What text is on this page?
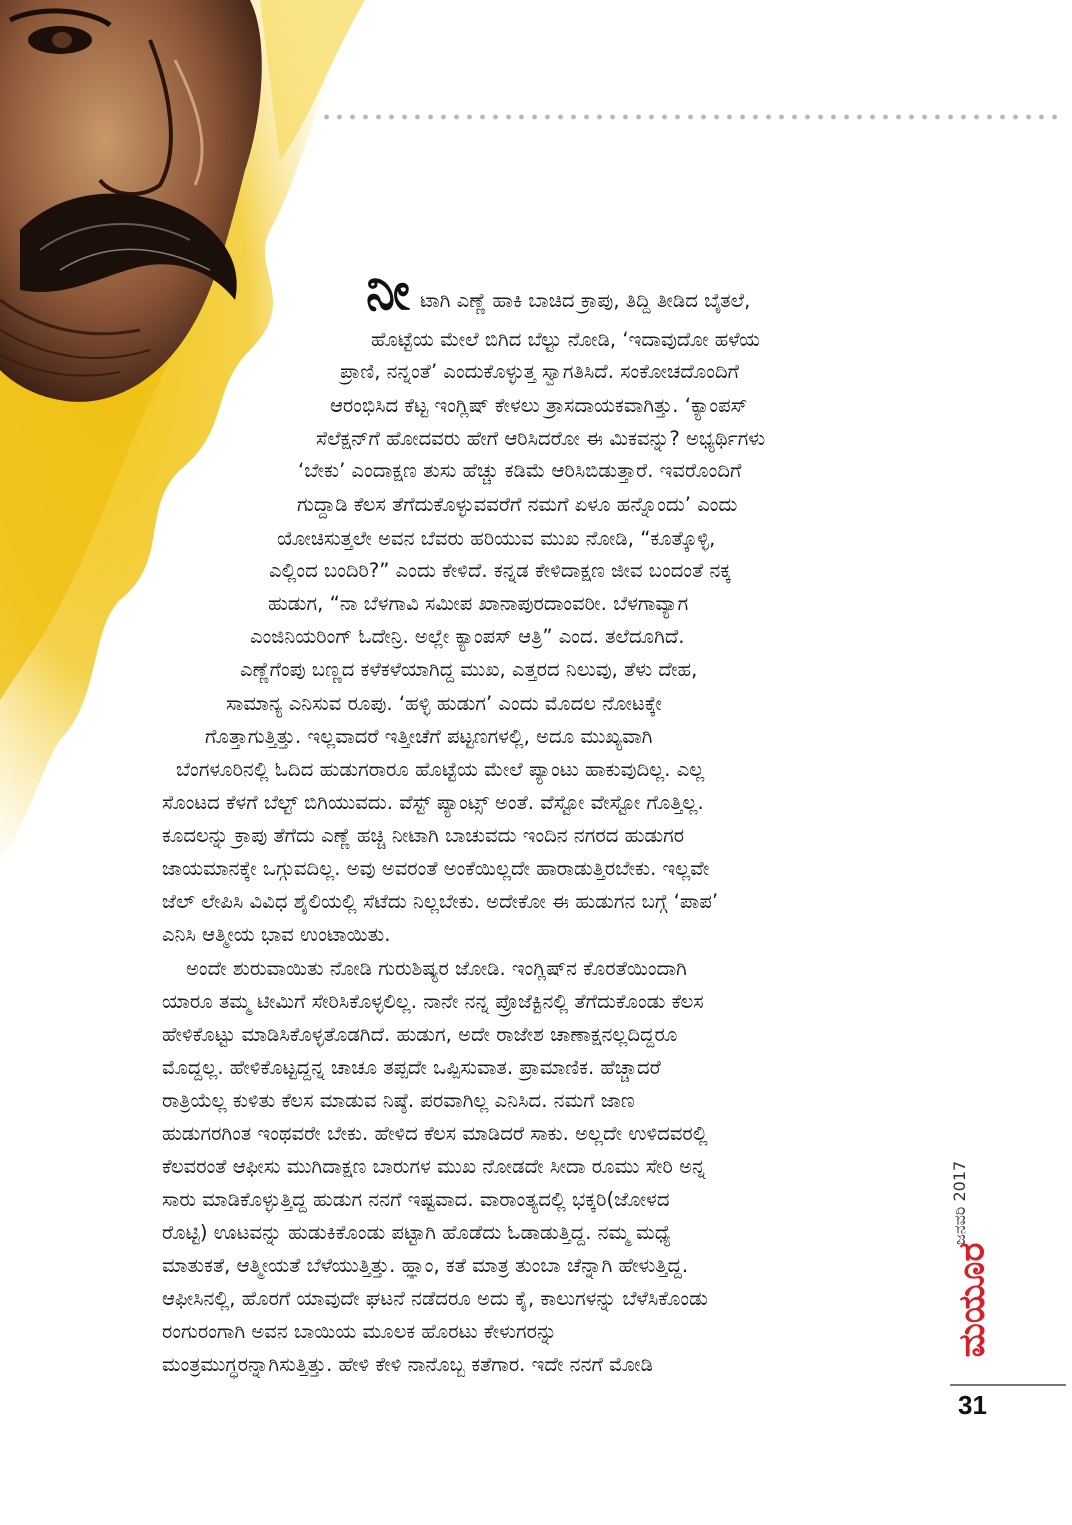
ನೀ ಟಾಗಿ ಎಣ್ಣೆ ಹಾಕಿ ಬಾಚಿದ ಕ್ರಾಪು, ತಿದ್ದಿ ತೀಡಿದ ಬೈತಲೆ,
ಹೊಟ್ಟೆಯ ಮೇಲೆ ಬಿಗಿದ ಬೆಲ್ಟು ನೋಡಿ, ‘ಇದಾವುದೋ ಹಳೆಯ
ಪ್ರಾಣಿ, ನನ್ನಂತೆ’ ಎಂದುಕೊಳ್ಳುತ್ತ ಸ್ವಾಗತಿಸಿದೆ. ಸಂಕೋಚದೊಂದಿಗೆ
ಆರಂಭಿಸಿದ ಕೆಟ್ಟ ಇಂಗ್ಲಿಷ್ ಕೇಳಲು ತ್ರಾಸದಾಯಕವಾಗಿತ್ತು. ‘ಕ್ಯಾಂಪಸ್
ಸೆಲೆಕ್ಷನ್‌ಗೆ ಹೋದವರು ಹೇಗೆ ಆರಿಸಿದರೋ ಈ ಮಿಕವನ್ನು? ಅಭ್ಯರ್ಥಿಗಳು
‘ಬೇಕು’ ಎಂದಾಕ್ಷಣ ತುಸು ಹೆಚ್ಚು ಕಡಿಮೆ ಆರಿಸಿಬಿಡುತ್ತಾರೆ. ಇವರೊಂದಿಗೆ
ಗುದ್ದಾಡಿ ಕೆಲಸ ತೆಗೆದುಕೊಳ್ಳುವವರೆಗೆ ನಮಗೆ ಏಳೂ ಹನ್ನೊಂದು’ ಎಂದು
ಯೋಚಿಸುತ್ತಲೇ ಅವನ ಬೆವರು ಹರಿಯುವ ಮುಖ ನೋಡಿ, “ಕೂತ್ಕೊಳ್ಳಿ,
ಎಲ್ಲಿಂದ ಬಂದಿರಿ?” ಎಂದು ಕೇಳಿದೆ. ಕನ್ನಡ ಕೇಳಿದಾಕ್ಷಣ ಜೀವ ಬಂದಂತೆ ನಕ್ಕ
ಹುಡುಗ, “ನಾ ಬೆಳಗಾವಿ ಸಮೀಪ ಖಾನಾಪುರದಾಂವರೀ. ಬೆಳಗಾವ್ಯಾಗ
ಎಂಜಿನಿಯರಿಂಗ್ ಓದೇನ್ರಿ. ಅಲ್ಲೇ ಕ್ಯಾಂಪಸ್ ಆತ್ರಿ” ಎಂದ. ತಲೆದೂಗಿದೆ.
ಎಣ್ಣೆಗೆಂಪು ಬಣ್ಣದ ಕಳೆಕಳೆಯಾಗಿದ್ದ ಮುಖ, ಎತ್ತರದ ನಿಲುವು, ತೆಳು ದೇಹ,
ಸಾಮಾನ್ಯ ಎನಿಸುವ ರೂಪು. ‘ಹಳ್ಳಿ ಹುಡುಗ’ ಎಂದು ಮೊದಲ ನೋಟಕ್ಕೇ
ಗೊತ್ತಾಗುತ್ತಿತ್ತು. ಇಲ್ಲವಾದರೆ ಇತ್ತೀಚೆಗೆ ಪಟ್ಟಣಗಳಲ್ಲಿ, ಅದೂ ಮುಖ್ಯವಾಗಿ
ಬೆಂಗಳೂರಿನಲ್ಲಿ ಓದಿದ ಹುಡುಗರಾರೂ ಹೊಟ್ಟೆಯ ಮೇಲೆ ಪ್ಯಾಂಟು ಹಾಕುವುದಿಲ್ಲ. ಎಲ್ಲ
ಸೊಂಟದ ಕೆಳಗೆ ಬೆಲ್ಟ್ ಬಿಗಿಯುವದು. ವೆಸ್ಟ್ ಪ್ಯಾಂಟ್ಸ್ ಅಂತೆ. ವೆಸ್ಟೋ ವೇಸ್ಟೋ ಗೊತ್ತಿಲ್ಲ.
ಕೂದಲನ್ನು ಕ್ರಾಪು ತೆಗೆದು ಎಣ್ಣೆ ಹಚ್ಚಿ ನೀಟಾಗಿ ಬಾಚುವದು ಇಂದಿನ ನಗರದ ಹುಡುಗರ
ಜಾಯಮಾನಕ್ಕೇ ಒಗ್ಗುವದಿಲ್ಲ. ಅವು ಅವರಂತೆ ಅಂಕೆಯಿಲ್ಲದೇ ಹಾರಾಡುತ್ತಿರಬೇಕು. ಇಲ್ಲವೇ
ಜೆಲ್ ಲೇಪಿಸಿ ವಿವಿಧ ಶೈಲಿಯಲ್ಲಿ ಸೆಟೆದು ನಿಲ್ಲಬೇಕು. ಅದೇಕೋ ಈ ಹುಡುಗನ ಬಗ್ಗೆ ‘ಪಾಪ’
ಎನಿಸಿ ಆತ್ಮೀಯ ಭಾವ ಉಂಟಾಯಿತು.
ಅಂದೇ ಶುರುವಾಯಿತು ನೋಡಿ ಗುರುಶಿಷ್ಯರ ಜೋಡಿ. ಇಂಗ್ಲಿಷ್‌ನ ಕೊರತೆಯಿಂದಾಗಿ
ಯಾರೂ ತಮ್ಮ ಟೀಮಿಗೆ ಸೇರಿಸಿಕೊಳ್ಳಲಿಲ್ಲ. ನಾನೇ ನನ್ನ ಪ್ರೊಜೆಕ್ಟಿನಲ್ಲಿ ತೆಗೆದುಕೊಂಡು ಕೆಲಸ
ಹೇಳಿಕೊಟ್ಟು ಮಾಡಿಸಿಕೊಳ್ಳತೊಡಗಿದೆ. ಹುಡುಗ, ಅದೇ ರಾಜೇಶ ಚಾಣಾಕ್ಷನಲ್ಲದಿದ್ದರೂ
ಮೊದ್ದಲ್ಲ. ಹೇಳಿಕೊಟ್ಟದ್ದನ್ನ ಚಾಚೂ ತಪ್ಪದೇ ಒಪ್ಪಿಸುವಾತ. ಪ್ರಾಮಾಣಿಕ. ಹೆಚ್ಚಾದರೆ
ರಾತ್ರಿಯೆಲ್ಲ ಕುಳಿತು ಕೆಲಸ ಮಾಡುವ ನಿಷ್ಠೆ. ಪರವಾಗಿಲ್ಲ ಎನಿಸಿದ. ನಮಗೆ ಜಾಣ
ಹುಡುಗರಗಿಂತ ಇಂಥವರೇ ಬೇಕು. ಹೇಳಿದ ಕೆಲಸ ಮಾಡಿದರೆ ಸಾಕು. ಅಲ್ಲದೇ ಉಳಿದವರಲ್ಲಿ
ಕೆಲವರಂತೆ ಆಫೀಸು ಮುಗಿದಾಕ್ಷಣ ಬಾರುಗಳ ಮುಖ ನೋಡದೇ ಸೀದಾ ರೂಮು ಸೇರಿ ಅನ್ನ
ಸಾರು ಮಾಡಿಕೊಳ್ಳುತ್ತಿದ್ದ ಹುಡುಗ ನನಗೆ ಇಷ್ಟವಾದ. ವಾರಾಂತ್ಯದಲ್ಲಿ ಭಕ್ಕರಿ(ಜೋಳದ
ರೊಟ್ಟಿ) ಊಟವನ್ನು ಹುಡುಕಿಕೊಂಡು ಪಟ್ಟಾಗಿ ಹೊಡೆದು ಓಡಾಡುತ್ತಿದ್ದ. ನಮ್ಮ ಮಧ್ಯೆ
ಮಾತುಕತೆ, ಆತ್ಮೀಯತೆ ಬೆಳೆಯುತ್ತಿತ್ತು. ಹ್ಞಾಂ, ಕತೆ ಮಾತ್ರ ತುಂಬಾ ಚೆನ್ನಾಗಿ ಹೇಳುತ್ತಿದ್ದ.
ಆಫೀಸಿನಲ್ಲಿ, ಹೊರಗೆ ಯಾವುದೇ ಘಟನೆ ನಡೆದರೂ ಅದು ಕೈ, ಕಾಲುಗಳನ್ನು ಬೆಳೆಸಿಕೊಂಡು
ರಂಗುರಂಗಾಗಿ ಅವನ ಬಾಯಿಯ ಮೂಲಕ ಹೊರಟು ಕೇಳುಗರನ್ನು
ಮಂತ್ರಮುಗ್ಧರನ್ನಾಗಿಸುತ್ತಿತ್ತು. ಹೇಳಿ ಕೇಳಿ ನಾನೊಬ್ಬ ಕತೆಗಾರ. ಇದೇ ನನಗೆ ಮೋಡಿ
ಜನವರಿ 2017
ಮಯೂರ
31
